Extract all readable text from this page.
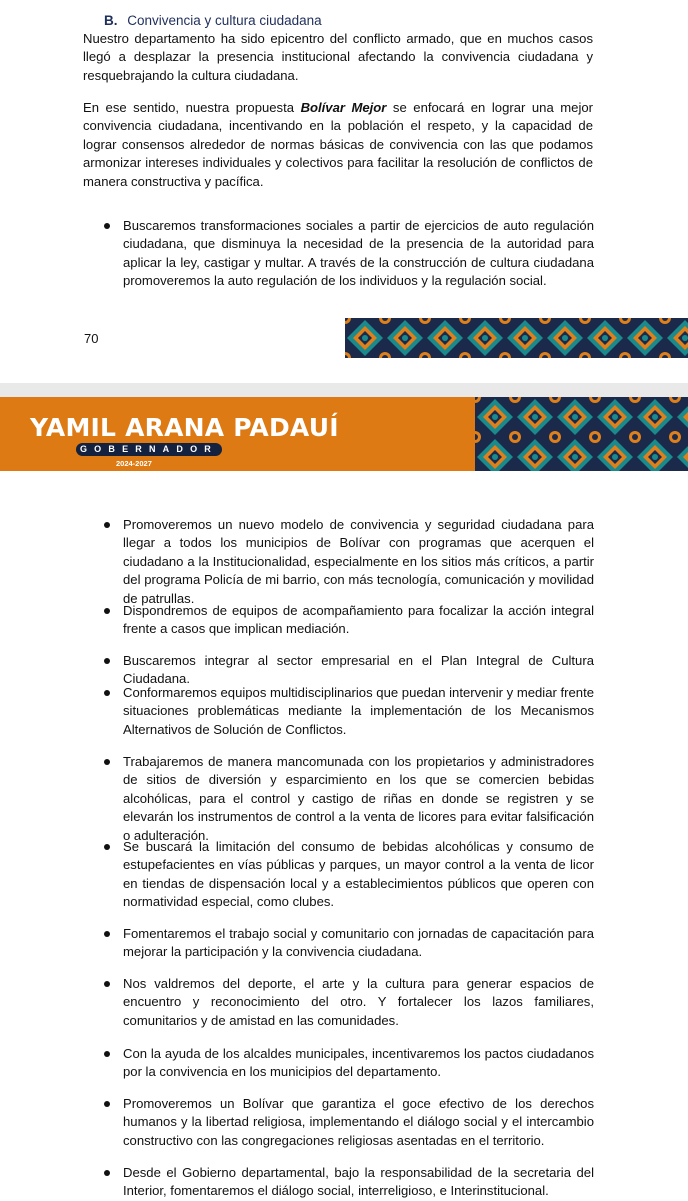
B. Convivencia y cultura ciudadana

Nuestro departamento ha sido epicentro del conflicto armado, que en muchos casos llegó a desplazar la presencia institucional afectando la convivencia ciudadana y resquebrajando la cultura ciudadana.

En ese sentido, nuestra propuesta Bolívar Mejor se enfocará en lograr una mejor convivencia ciudadana, incentivando en la población el respeto, y la capacidad de lograr consensos alrededor de normas básicas de convivencia con las que podamos armonizar intereses individuales y colectivos para facilitar la resolución de conflictos de manera constructiva y pacífica.

Buscaremos transformaciones sociales a partir de ejercicios de auto regulación ciudadana, que disminuya la necesidad de la presencia de la autoridad para aplicar la ley, castigar y multar. A través de la construcción de cultura ciudadana promoveremos la auto regulación de los individuos y la regulación social.
70
YAMIL ARANA PADAUÍ
GOBERNADOR
2024-2027
Promoveremos un nuevo modelo de convivencia y seguridad ciudadana para llegar a todos los municipios de Bolívar con programas que acerquen el ciudadano a la Institucionalidad, especialmente en los sitios más críticos, a partir del programa Policía de mi barrio, con más tecnología, comunicación y movilidad de patrullas.
Dispondremos de equipos de acompañamiento para focalizar la acción integral frente a casos que implican mediación.
Buscaremos integrar al sector empresarial en el Plan Integral de Cultura Ciudadana.
Conformaremos equipos multidisciplinarios que puedan intervenir y mediar frente situaciones problemáticas mediante la implementación de los Mecanismos Alternativos de Solución de Conflictos.
Trabajaremos de manera mancomunada con los propietarios y administradores de sitios de diversión y esparcimiento en los que se comercien bebidas alcohólicas, para el control y castigo de riñas en donde se registren y se elevarán los instrumentos de control a la venta de licores para evitar falsificación o adulteración.
Se buscará la limitación del consumo de bebidas alcohólicas y consumo de estupefacientes en vías públicas y parques, un mayor control a la venta de licor en tiendas de dispensación local y a establecimientos públicos que operen con normatividad especial, como clubes.
Fomentaremos el trabajo social y comunitario con jornadas de capacitación para mejorar la participación y la convivencia ciudadana.
Nos valdremos del deporte, el arte y la cultura para generar espacios de encuentro y reconocimiento del otro. Y fortalecer los lazos familiares, comunitarios y de amistad en las comunidades.
Con la ayuda de los alcaldes municipales, incentivaremos los pactos ciudadanos por la convivencia en los municipios del departamento.
Promoveremos un Bolívar que garantiza el goce efectivo de los derechos humanos y la libertad religiosa, implementando el diálogo social y el intercambio constructivo con las congregaciones religiosas asentadas en el territorio.
Desde el Gobierno departamental, bajo la responsabilidad de la secretaria del Interior, fomentaremos el diálogo social, interreligioso, e Interinstitucional.
